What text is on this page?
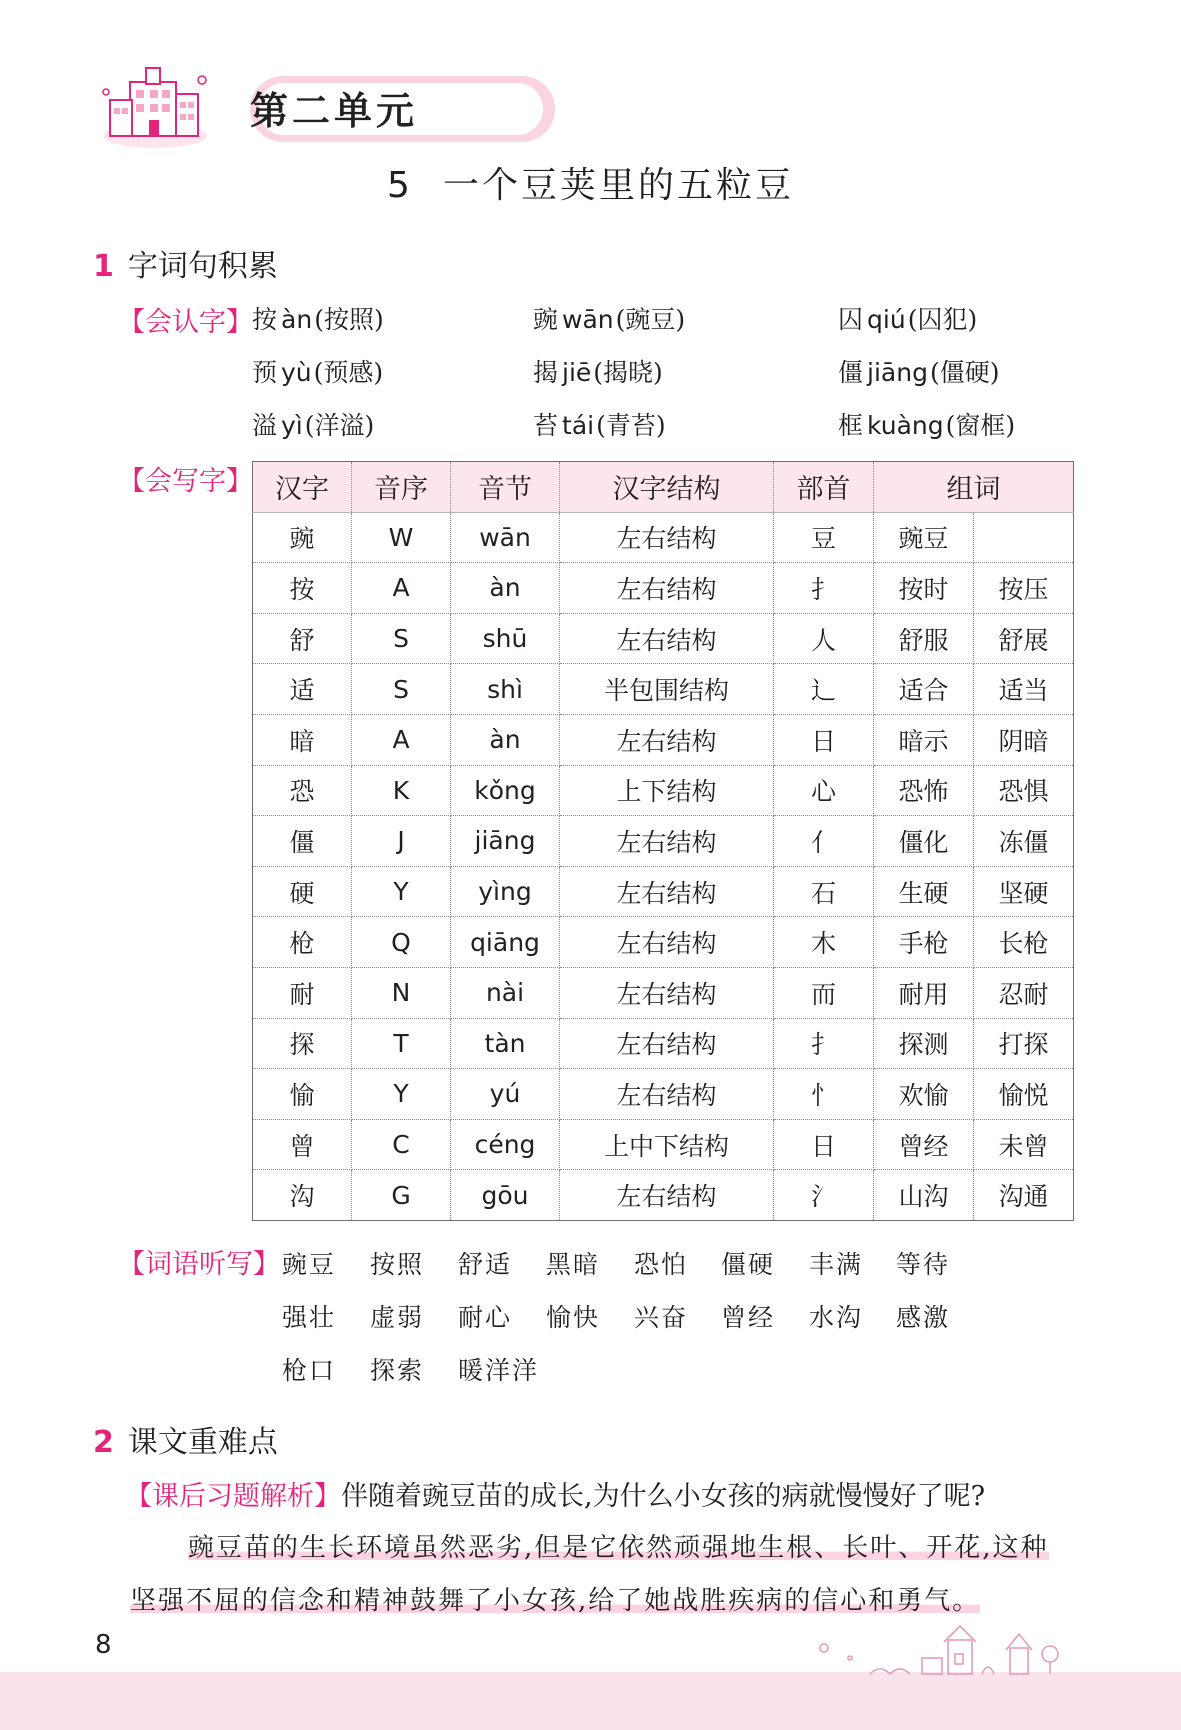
第二单元
5 一个豆荚里的五粒豆
1 字词句积累
【会认字】 按 àn(按照)	豌 wān(豌豆)	囚 qiú(囚犯)
预 yù(预感)	揭 jiē(揭晓)	僵 jiāng(僵硬)
溢 yì(洋溢)	苔 tái(青苔)	框 kuàng(窗框)
【会写字】 汉字	音序	音节	汉字结构	部首	组词	
豌	W	wān	左右结构	豆	豌豆	
按	A	àn	左右结构	扌	按时	按压
舒	S	shū	左右结构	人	舒服	舒展
适	S	shì	半包围结构	辶	适合	适当
暗	A	àn	左右结构	日	暗示	阴暗
恐	K	kǒng	上下结构	心	恐怖	恐惧
僵	J	jiāng	左右结构	亻	僵化	冻僵
硬	Y	yìng	左右结构	石	生硬	坚硬
枪	Q	qiāng	左右结构	木	手枪	长枪
耐	N	nài	左右结构	而	耐用	忍耐
探	T	tàn	左右结构	扌	探测	打探
愉	Y	yú	左右结构	忄	欢愉	愉悦
曾	C	céng	上中下结构	日	曾经	未曾
沟	G	gōu	左右结构	氵	山沟	沟通
【词语听写】 豌豆 按照 舒适 黑暗 恐怕 僵硬 丰满 等待
强壮 虚弱 耐心 愉快 兴奋 曾经 水沟 感激
枪口 探索 暖洋洋
2 课文重难点
【课后习题解析】伴随着豌豆苗的成长,为什么小女孩的病就慢慢好了呢?
豌豆苗的生长环境虽然恶劣,但是它依然顽强地生根、长叶、开花,这种
坚强不屈的信念和精神鼓舞了小女孩,给了她战胜疾病的信心和勇气。
8
